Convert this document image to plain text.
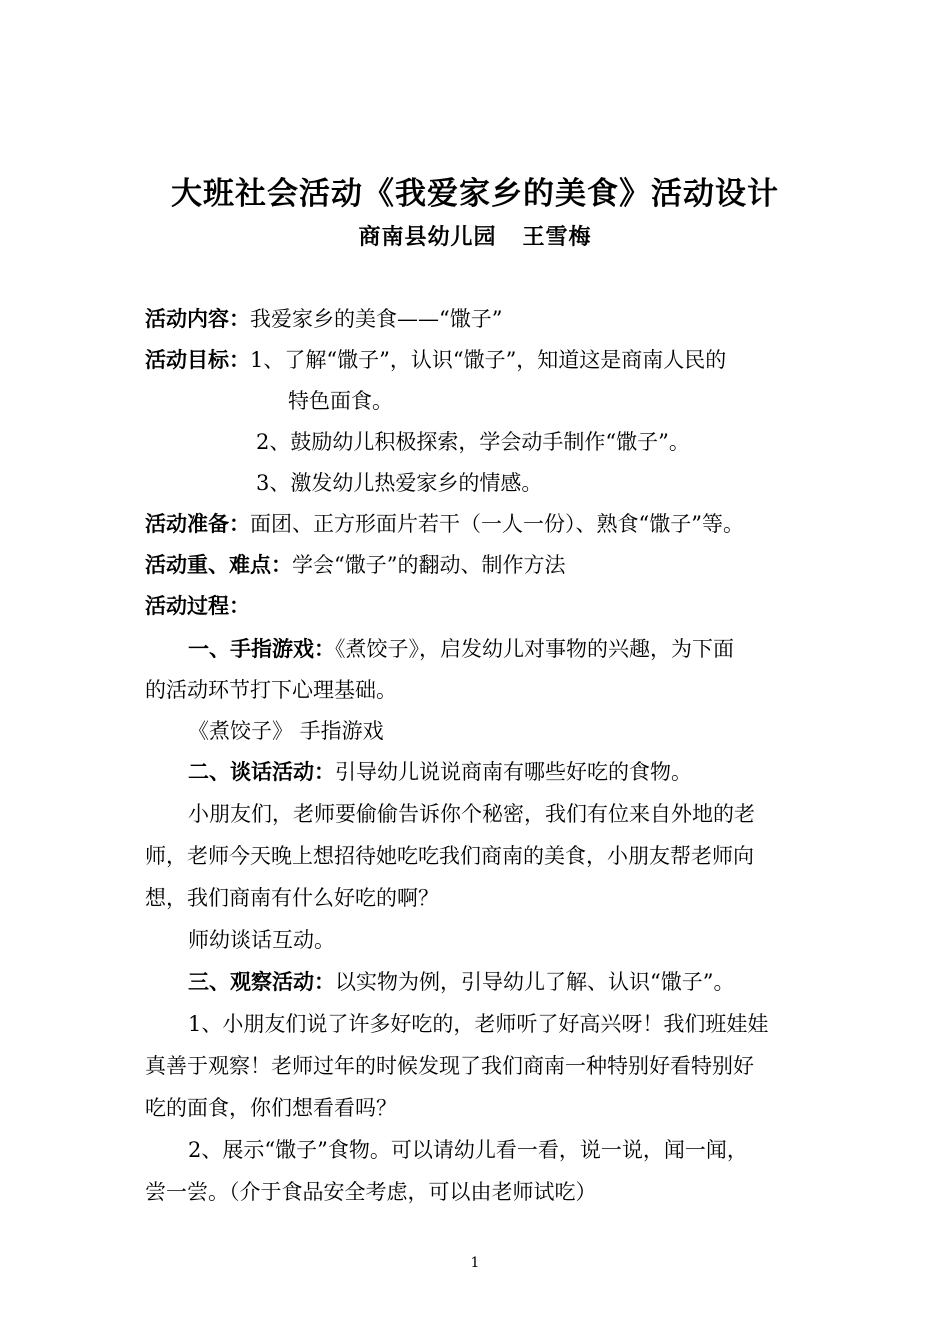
大班社会活动《我爱家乡的美食》活动设计
商南县幼儿园   王雪梅
活动内容：我爱家乡的美食——“馓子”
活动目标：1、了解“馓子”，认识“馓子”，知道这是商南人民的
特色面食。
2、鼓励幼儿积极探索，学会动手制作“馓子”。
3、激发幼儿热爱家乡的情感。
活动准备：面团、正方形面片若干（一人一份）、熟食“馓子”等。
活动重、难点：学会“馓子”的翻动、制作方法
活动过程：
一、手指游戏：《煮饺子》，启发幼儿对事物的兴趣，为下面
的活动环节打下心理基础。
《煮饺子》 手指游戏
二、谈话活动：引导幼儿说说商南有哪些好吃的食物。
小朋友们，老师要偷偷告诉你个秘密，我们有位来自外地的老
师，老师今天晚上想招待她吃吃我们商南的美食，小朋友帮老师向
想，我们商南有什么好吃的啊？
师幼谈话互动。
三、观察活动：以实物为例，引导幼儿了解、认识“馓子”。
1、小朋友们说了许多好吃的，老师听了好高兴呀！我们班娃娃
真善于观察！老师过年的时候发现了我们商南一种特别好看特别好
吃的面食，你们想看看吗？
2、展示“馓子”食物。可以请幼儿看一看，说一说，闻一闻，
尝一尝。（介于食品安全考虑，可以由老师试吃）
1
